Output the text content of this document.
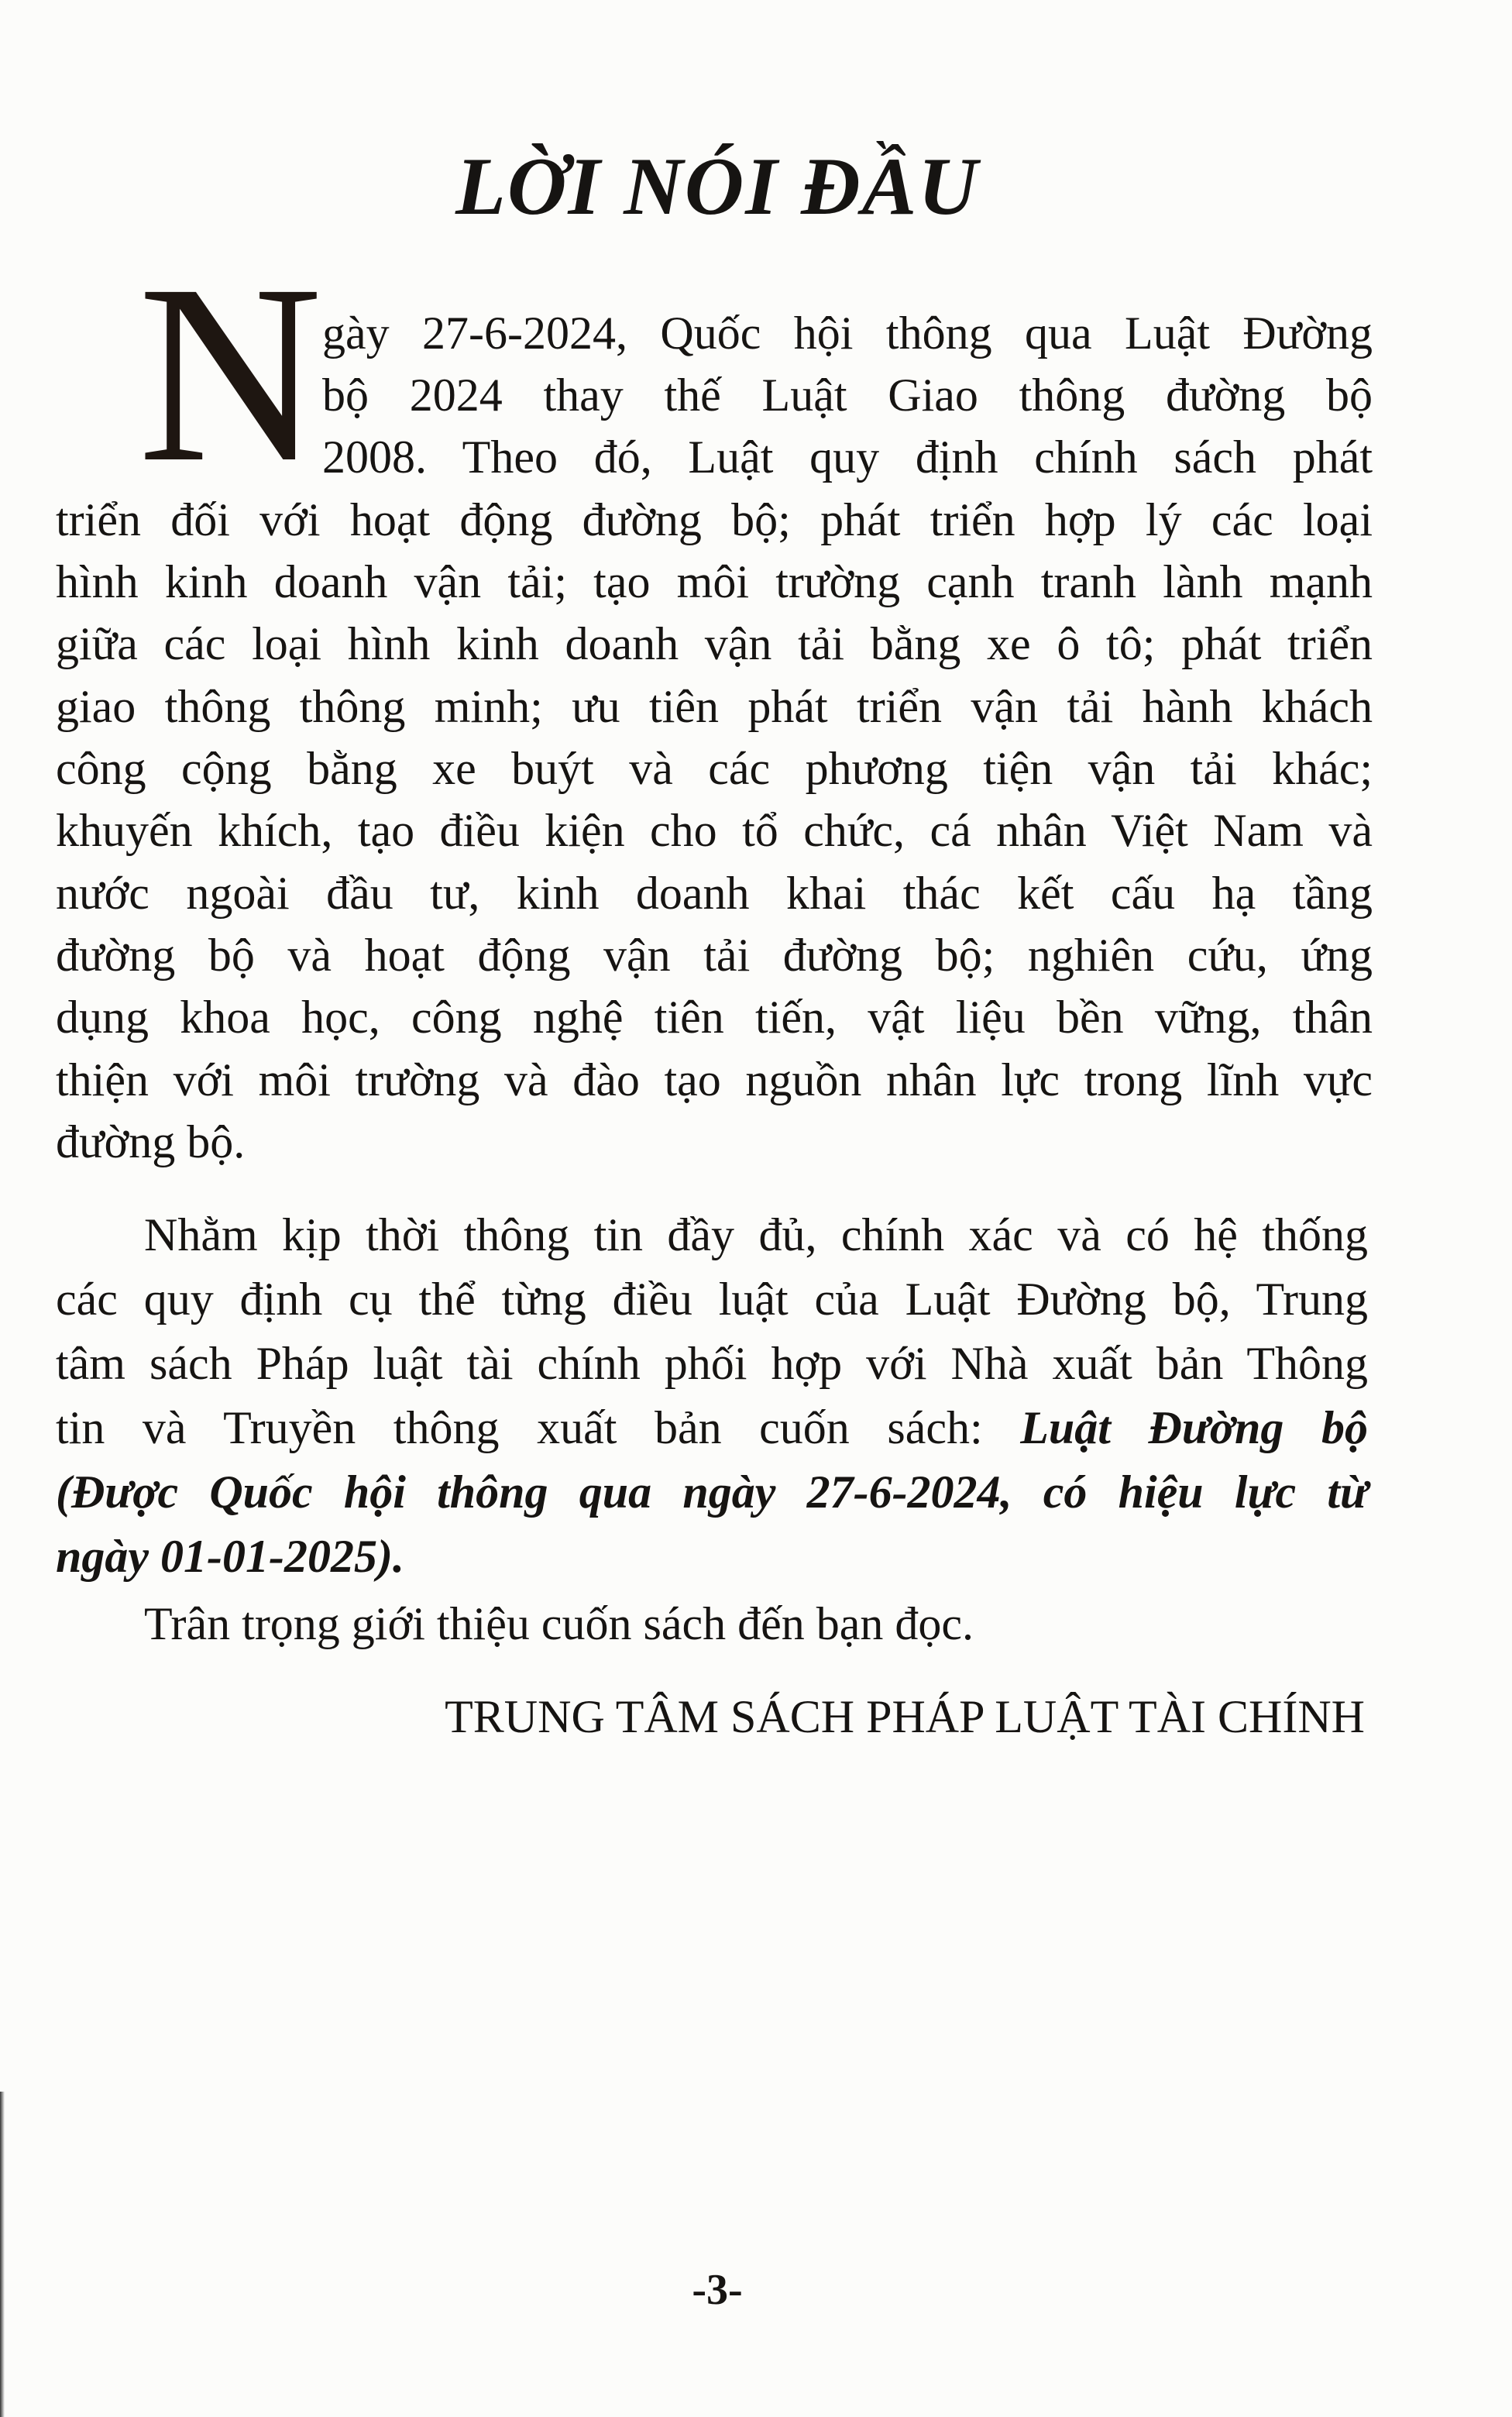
LỜI NÓI ĐẦU
N gày 27-6-2024, Quốc hội thông qua Luật Đường
bộ 2024 thay thế Luật Giao thông đường bộ
2008. Theo đó, Luật quy định chính sách phát
triển đối với hoạt động đường bộ; phát triển hợp lý các loại
hình kinh doanh vận tải; tạo môi trường cạnh tranh lành mạnh
giữa các loại hình kinh doanh vận tải bằng xe ô tô; phát triển
giao thông thông minh; ưu tiên phát triển vận tải hành khách
công cộng bằng xe buýt và các phương tiện vận tải khác;
khuyến khích, tạo điều kiện cho tổ chức, cá nhân Việt Nam và
nước ngoài đầu tư, kinh doanh khai thác kết cấu hạ tầng
đường bộ và hoạt động vận tải đường bộ; nghiên cứu, ứng
dụng khoa học, công nghệ tiên tiến, vật liệu bền vững, thân
thiện với môi trường và đào tạo nguồn nhân lực trong lĩnh vực
đường bộ.
Nhằm kịp thời thông tin đầy đủ, chính xác và có hệ thống
các quy định cụ thể từng điều luật của Luật Đường bộ, Trung
tâm sách Pháp luật tài chính phối hợp với Nhà xuất bản Thông
tin và Truyền thông xuất bản cuốn sách: Luật Đường bộ
(Được Quốc hội thông qua ngày 27-6-2024, có hiệu lực từ
ngày 01-01-2025).
Trân trọng giới thiệu cuốn sách đến bạn đọc.
TRUNG TÂM SÁCH PHÁP LUẬT TÀI CHÍNH
-3-
